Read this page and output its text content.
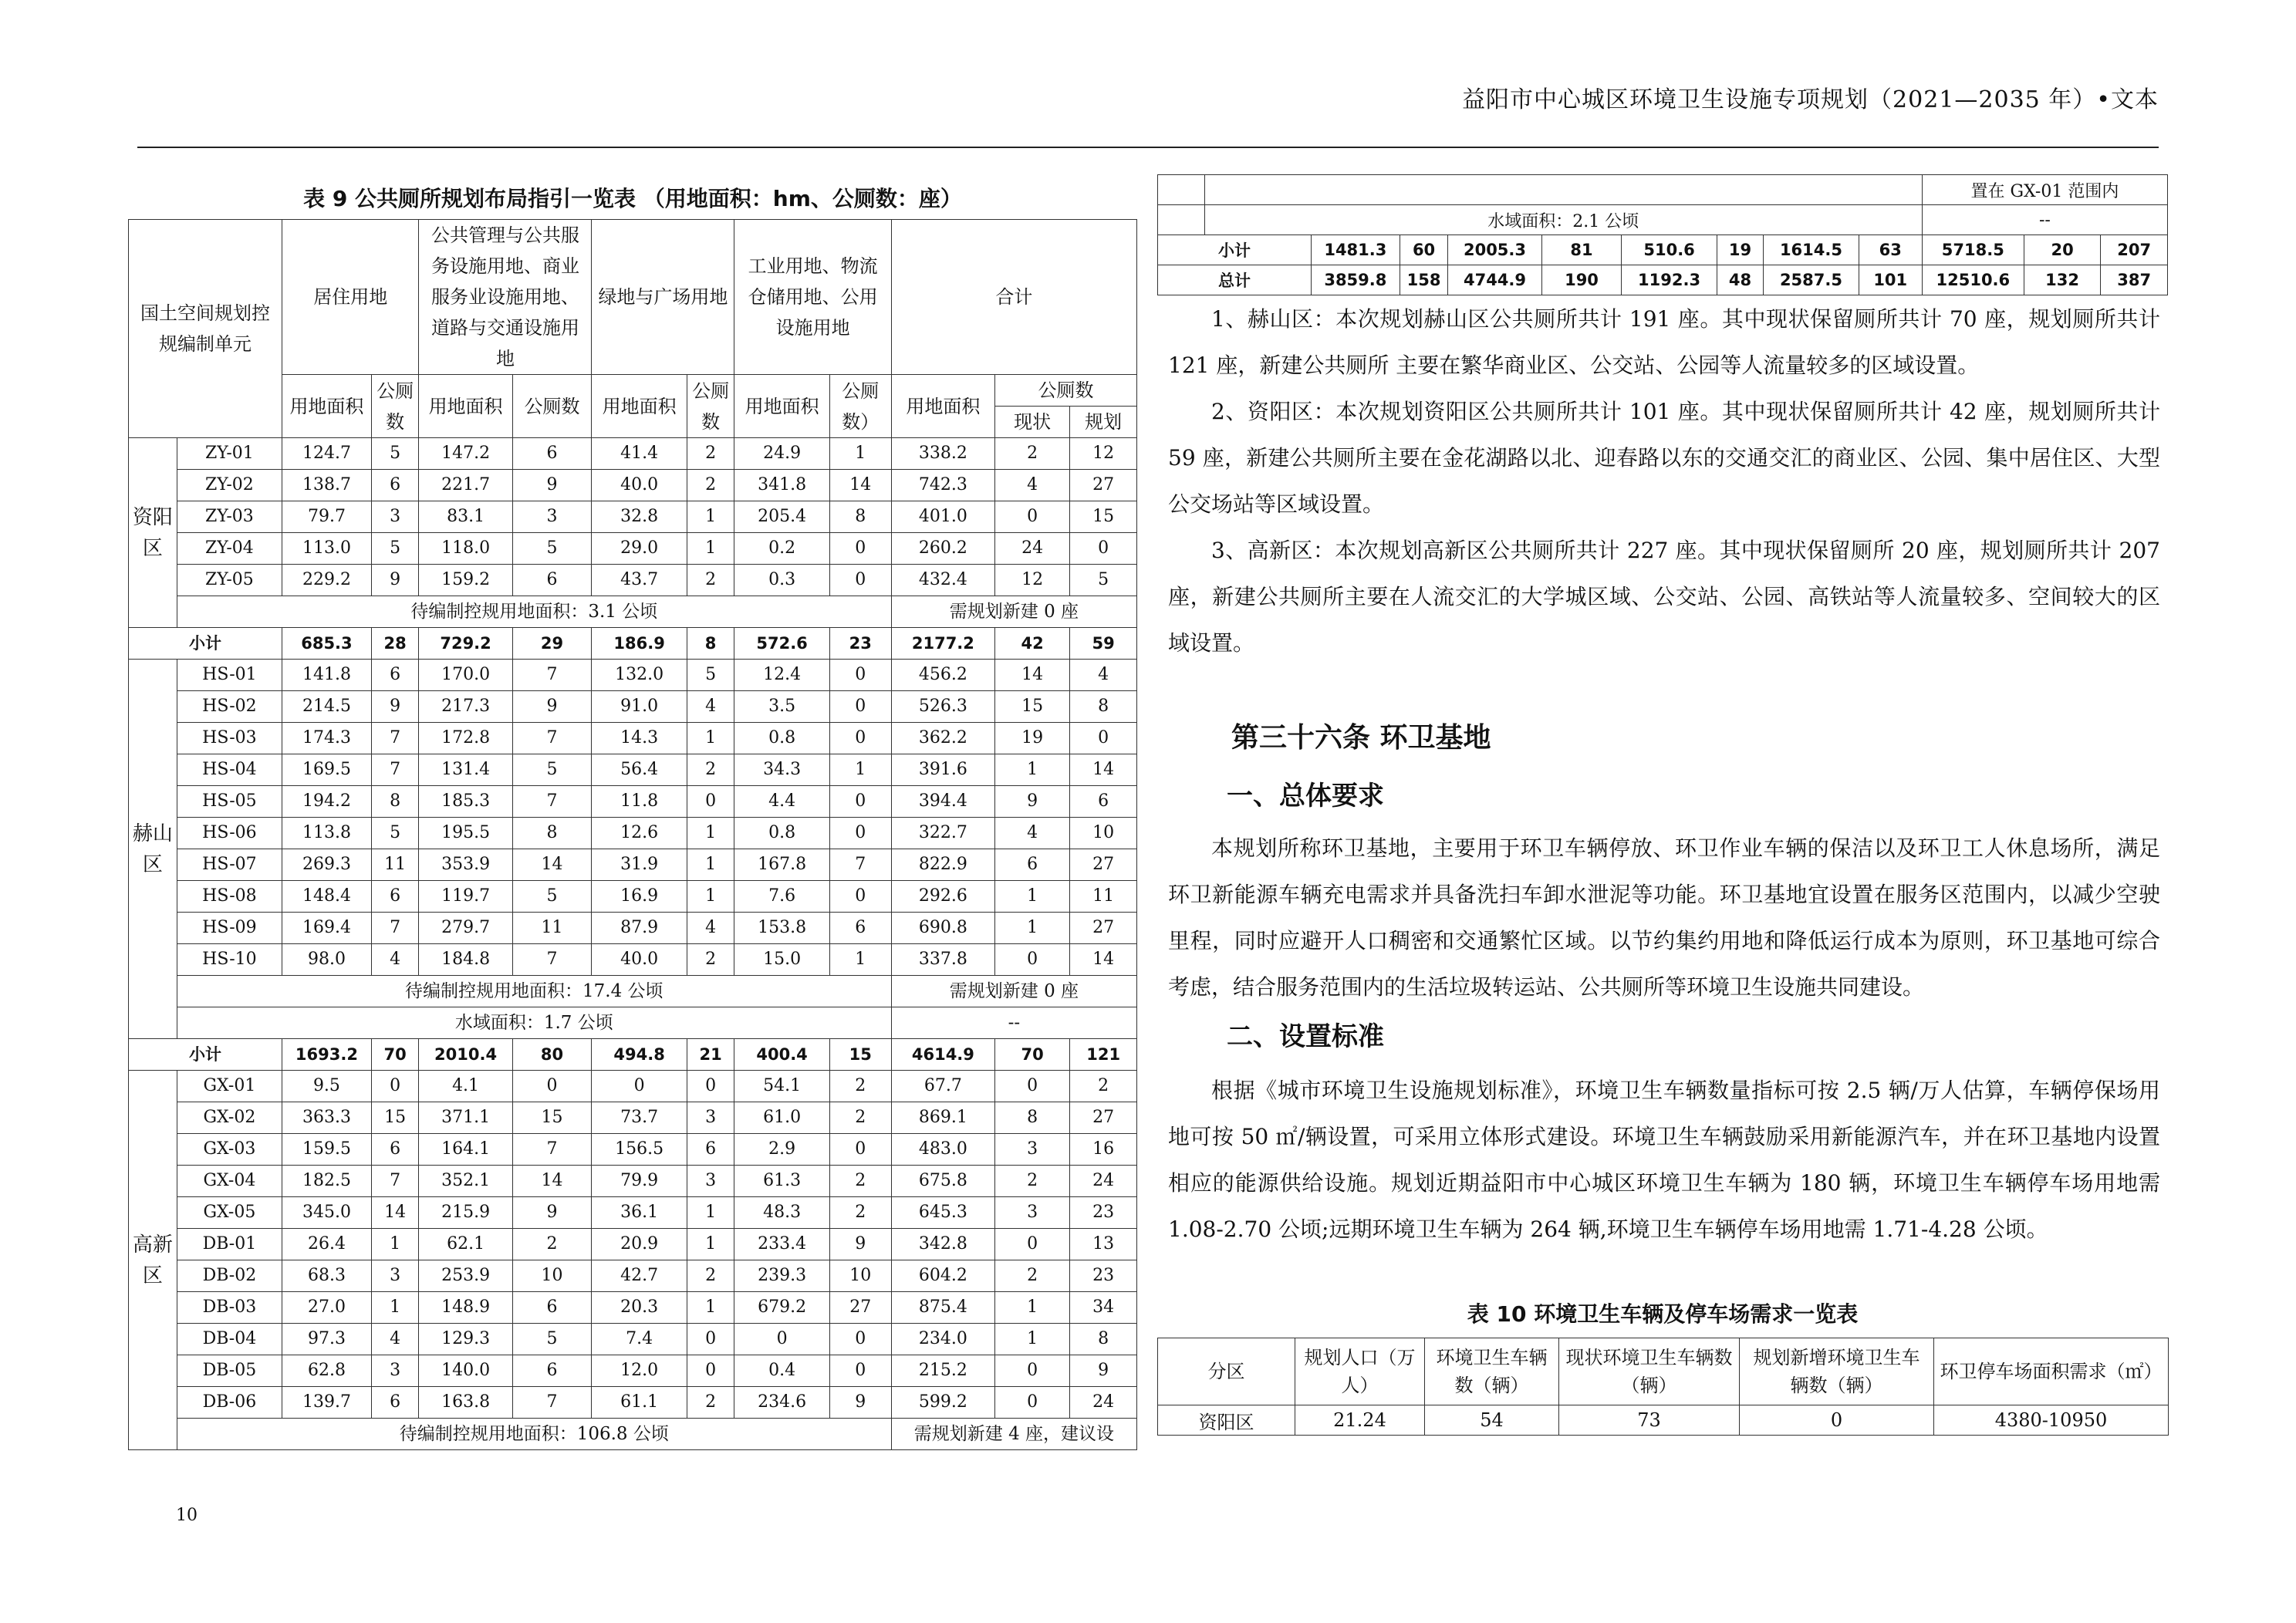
益阳市中心城区环境卫生设施专项规划（2021—2035 年）•文本
表 9 公共厕所规划布局指引一览表 （用地面积：hm、公厕数：座）
国土空间规划控规编制单元		居住用地		公共管理与公共服务设施用地、商业服务业设施用地、道路与交通设施用地		绿地与广场用地		工业用地、物流仓储用地、公用设施用地		合计		
		用地面积	公厕数	用地面积	公厕数	用地面积	公厕数	用地面积	公厕数）	用地面积	公厕数	
											现状	规划
资阳区	ZY-01	124.7	5	147.2	6	41.4	2	24.9	1	338.2	2	12
	ZY-02	138.7	6	221.7	9	40.0	2	341.8	14	742.3	4	27
	ZY-03	79.7	3	83.1	3	32.8	1	205.4	8	401.0	0	15
	ZY-04	113.0	5	118.0	5	29.0	1	0.2	0	260.2	24	0
	ZY-05	229.2	9	159.2	6	43.7	2	0.3	0	432.4	12	5
	待编制控规用地面积：3.1 公顷									需规划新建 0 座		
小计		685.3	28	729.2	29	186.9	8	572.6	23	2177.2	42	59
赫山区	HS-01	141.8	6	170.0	7	132.0	5	12.4	0	456.2	14	4
	HS-02	214.5	9	217.3	9	91.0	4	3.5	0	526.3	15	8
	HS-03	174.3	7	172.8	7	14.3	1	0.8	0	362.2	19	0
	HS-04	169.5	7	131.4	5	56.4	2	34.3	1	391.6	1	14
	HS-05	194.2	8	185.3	7	11.8	0	4.4	0	394.4	9	6
	HS-06	113.8	5	195.5	8	12.6	1	0.8	0	322.7	4	10
	HS-07	269.3	11	353.9	14	31.9	1	167.8	7	822.9	6	27
	HS-08	148.4	6	119.7	5	16.9	1	7.6	0	292.6	1	11
	HS-09	169.4	7	279.7	11	87.9	4	153.8	6	690.8	1	27
	HS-10	98.0	4	184.8	7	40.0	2	15.0	1	337.8	0	14
	待编制控规用地面积：17.4 公顷									需规划新建 0 座		
	水域面积：1.7 公顷									--		
小计		1693.2	70	2010.4	80	494.8	21	400.4	15	4614.9	70	121
高新区	GX-01	9.5	0	4.1	0	0	0	54.1	2	67.7	0	2
	GX-02	363.3	15	371.1	15	73.7	3	61.0	2	869.1	8	27
	GX-03	159.5	6	164.1	7	156.5	6	2.9	0	483.0	3	16
	GX-04	182.5	7	352.1	14	79.9	3	61.3	2	675.8	2	24
	GX-05	345.0	14	215.9	9	36.1	1	48.3	2	645.3	3	23
	DB-01	26.4	1	62.1	2	20.9	1	233.4	9	342.8	0	13
	DB-02	68.3	3	253.9	10	42.7	2	239.3	10	604.2	2	23
	DB-03	27.0	1	148.9	6	20.3	1	679.2	27	875.4	1	34
	DB-04	97.3	4	129.3	5	7.4	0	0	0	234.0	1	8
	DB-05	62.8	3	140.0	6	12.0	0	0.4	0	215.2	0	9
	DB-06	139.7	6	163.8	7	61.1	2	234.6	9	599.2	0	24
	待编制控规用地面积：106.8 公顷									需规划新建 4 座，建议设		
										置在 GX-01 范围内		
	水域面积：2.1 公顷									--		
小计		1481.3	60	2005.3	81	510.6	19	1614.5	63	5718.5	20	207
总计		3859.8	158	4744.9	190	1192.3	48	2587.5	101	12510.6	132	387

1、赫山区：本次规划赫山区公共厕所共计 191 座。其中现状保留厕所共计 70 座，规划厕所共计 121 座，新建公共厕所 主要在繁华商业区、公交站、公园等人流量较多的区域设置。

2、资阳区：本次规划资阳区公共厕所共计 101 座。其中现状保留厕所共计 42 座，规划厕所共计 59 座，新建公共厕所主要在金花湖路以北、迎春路以东的交通交汇的商业区、公园、集中居住区、大型公交场站等区域设置。

3、高新区：本次规划高新区公共厕所共计 227 座。其中现状保留厕所 20 座，规划厕所共计 207 座，新建公共厕所主要在人流交汇的大学城区域、公交站、公园、高铁站等人流量较多、空间较大的区域设置。

第三十六条 环卫基地
一、总体要求

本规划所称环卫基地，主要用于环卫车辆停放、环卫作业车辆的保洁以及环卫工人休息场所，满足环卫新能源车辆充电需求并具备洗扫车卸水泄泥等功能。环卫基地宜设置在服务区范围内，以减少空驶里程，同时应避开人口稠密和交通繁忙区域。以节约集约用地和降低运行成本为原则，环卫基地可综合考虑，结合服务范围内的生活垃圾转运站、公共厕所等环境卫生设施共同建设。

二、设置标准

根据《城市环境卫生设施规划标准》，环境卫生车辆数量指标可按 2.5 辆/万人估算，车辆停保场用地可按 50 ㎡/辆设置，可采用立体形式建设。环境卫生车辆鼓励采用新能源汽车，并在环卫基地内设置相应的能源供给设施。规划近期益阳市中心城区环境卫生车辆为 180 辆，环境卫生车辆停车场用地需 1.08-2.70 公顷;远期环境卫生车辆为 264 辆,环境卫生车辆停车场用地需 1.71-4.28 公顷。

表 10 环境卫生车辆及停车场需求一览表
分区	规划人口（万人）	环境卫生车辆数（辆）	现状环境卫生车辆数（辆）	规划新增环境卫生车辆数（辆）	环卫停车场面积需求（㎡）
资阳区	21.24	54	73	0	4380-10950
10
